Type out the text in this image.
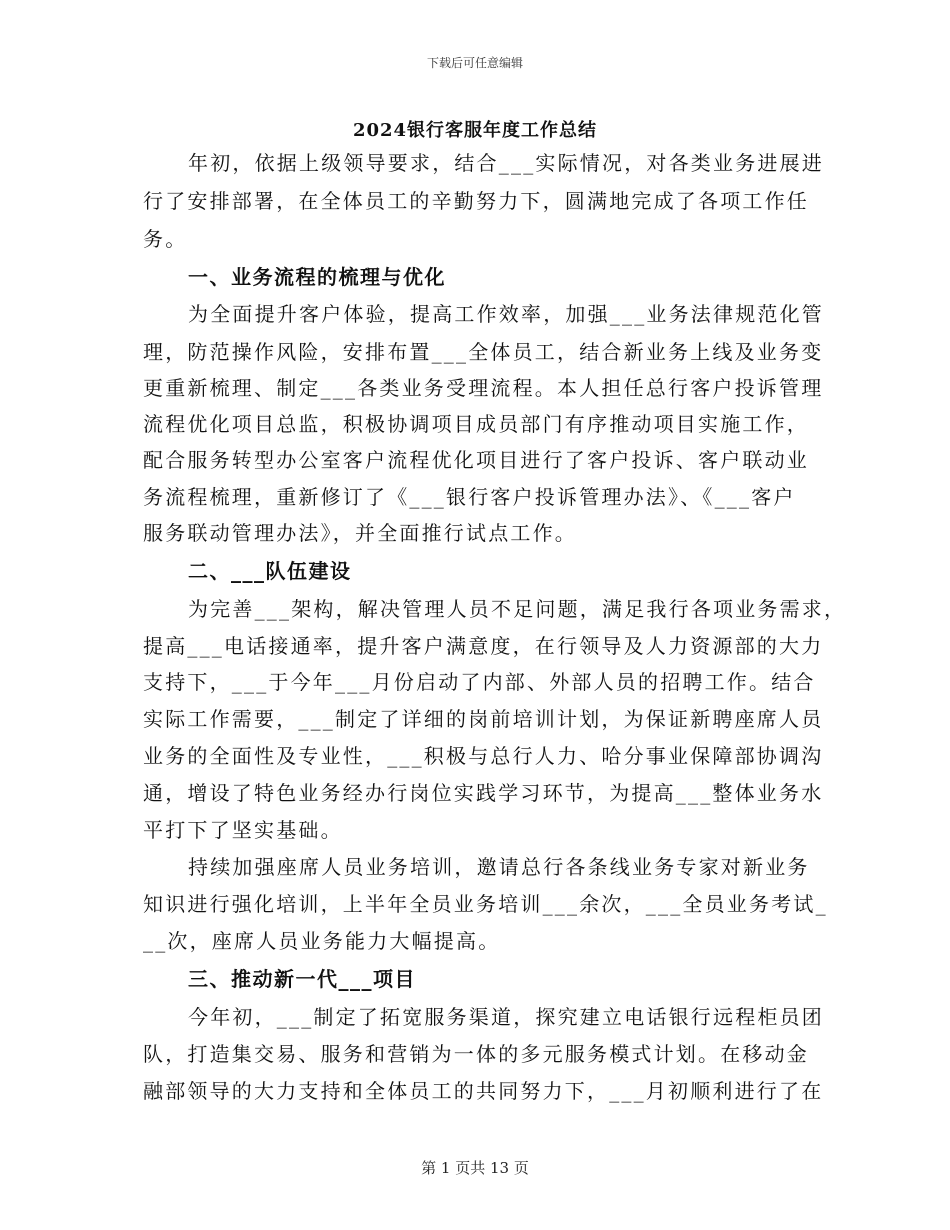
下载后可任意编辑
2024银行客服年度工作总结
年初，依据上级领导要求，结合___实际情况，对各类业务进展进
行了安排部署，在全体员工的辛勤努力下，圆满地完成了各项工作任
务。
一、业务流程的梳理与优化
为全面提升客户体验，提高工作效率，加强___业务法律规范化管
理，防范操作风险，安排布置___全体员工，结合新业务上线及业务变
更重新梳理、制定___各类业务受理流程。本人担任总行客户投诉管理
流程优化项目总监，积极协调项目成员部门有序推动项目实施工作，
配合服务转型办公室客户流程优化项目进行了客户投诉、客户联动业
务流程梳理，重新修订了《___银行客户投诉管理办法》、《___客户
服务联动管理办法》，并全面推行试点工作。
二、___队伍建设
为完善___架构，解决管理人员不足问题，满足我行各项业务需求，
提高___电话接通率，提升客户满意度，在行领导及人力资源部的大力
支持下，___于今年___月份启动了内部、外部人员的招聘工作。结合
实际工作需要，___制定了详细的岗前培训计划，为保证新聘座席人员
业务的全面性及专业性，___积极与总行人力、哈分事业保障部协调沟
通，增设了特色业务经办行岗位实践学习环节，为提高___整体业务水
平打下了坚实基础。
持续加强座席人员业务培训，邀请总行各条线业务专家对新业务
知识进行强化培训，上半年全员业务培训___余次，___全员业务考试_
__次，座席人员业务能力大幅提高。
三、推动新一代___项目
今年初，___制定了拓宽服务渠道，探究建立电话银行远程柜员团
队，打造集交易、服务和营销为一体的多元服务模式计划。在移动金
融部领导的大力支持和全体员工的共同努力下，___月初顺利进行了在
第 1 页共 13 页
